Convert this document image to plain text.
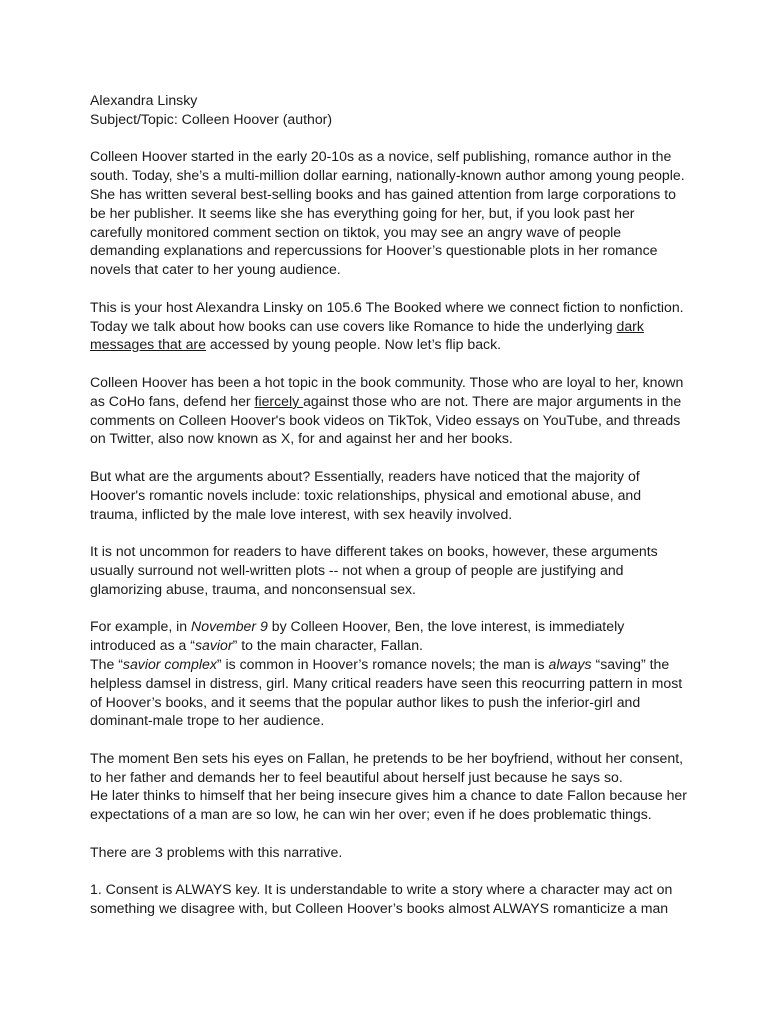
Alexandra Linsky
Subject/Topic: Colleen Hoover (author)
Colleen Hoover started in the early 20-10s as a novice, self publishing, romance author in the
south. Today, she’s a multi-million dollar earning, nationally-known author among young people.
She has written several best-selling books and has gained attention from large corporations to
be her publisher. It seems like she has everything going for her, but, if you look past her
carefully monitored comment section on tiktok, you may see an angry wave of people
demanding explanations and repercussions for Hoover’s questionable plots in her romance
novels that cater to her young audience.
This is your host Alexandra Linsky on 105.6 The Booked where we connect fiction to nonfiction.
Today we talk about how books can use covers like Romance to hide the underlying dark
messages that are accessed by young people. Now let’s flip back.
Colleen Hoover has been a hot topic in the book community. Those who are loyal to her, known
as CoHo fans, defend her fiercely against those who are not. There are major arguments in the
comments on Colleen Hoover's book videos on TikTok, Video essays on YouTube, and threads
on Twitter, also now known as X, for and against her and her books.
But what are the arguments about? Essentially, readers have noticed that the majority of
Hoover's romantic novels include: toxic relationships, physical and emotional abuse, and
trauma, inflicted by the male love interest, with sex heavily involved.
It is not uncommon for readers to have different takes on books, however, these arguments
usually surround not well-written plots -- not when a group of people are justifying and
glamorizing abuse, trauma, and nonconsensual sex.
For example, in November 9 by Colleen Hoover, Ben, the love interest, is immediately
introduced as a “savior” to the main character, Fallan.
The “savior complex” is common in Hoover’s romance novels; the man is always “saving” the
helpless damsel in distress, girl. Many critical readers have seen this reocurring pattern in most
of Hoover’s books, and it seems that the popular author likes to push the inferior-girl and
dominant-male trope to her audience.
The moment Ben sets his eyes on Fallan, he pretends to be her boyfriend, without her consent,
to her father and demands her to feel beautiful about herself just because he says so.
He later thinks to himself that her being insecure gives him a chance to date Fallon because her
expectations of a man are so low, he can win her over; even if he does problematic things.
There are 3 problems with this narrative.
1. Consent is ALWAYS key. It is understandable to write a story where a character may act on
something we disagree with, but Colleen Hoover’s books almost ALWAYS romanticize a man
